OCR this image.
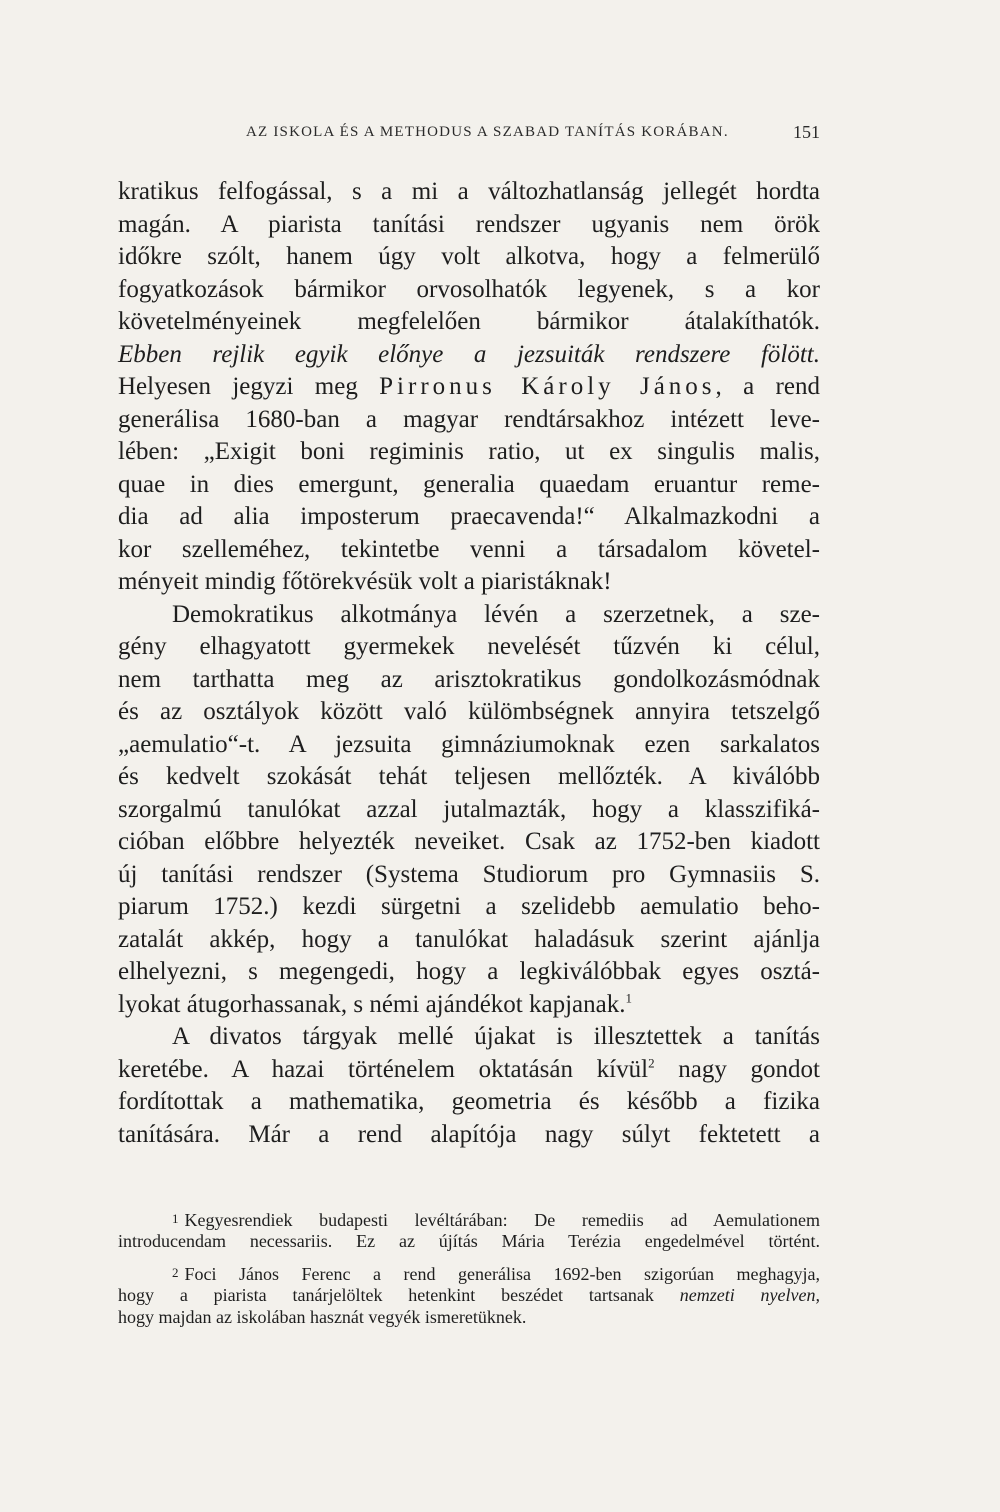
AZ ISKOLA ÉS A METHODUS A SZABAD TANÍTÁS KORÁBAN.	151
kratikus felfogással, s a mi a változhatlanság jellegét hordta
magán. A piarista tanítási rendszer ugyanis nem örök
időkre szólt, hanem úgy volt alkotva, hogy a felmerülő
fogyatkozások bármikor orvosolhatók legyenek, s a kor
követelményeinek megfelelően bármikor átalakíthatók.
Ebben rejlik egyik előnye a jezsuiták rendszere fölött.
Helyesen jegyzi meg Pirronus Károly János, a rend
generálisa 1680-ban a magyar rendtársakhoz intézett leve-
lében: „Exigit boni regiminis ratio, ut ex singulis malis,
quae in dies emergunt, generalia quaedam eruantur reme-
dia ad alia imposterum praecavenda!“ Alkalmazkodni a
kor szelleméhez, tekintetbe venni a társadalom követel-
ményeit mindig főtörekvésük volt a piaristáknak!
Demokratikus alkotmánya lévén a szerzetnek, a sze-
gény elhagyatott gyermekek nevelését tűzvén ki célul,
nem tarthatta meg az arisztokratikus gondolkozásmódnak
és az osztályok között való külömbségnek annyira tetszelgő
„aemulatio“-t. A jezsuita gimnáziumoknak ezen sarkalatos
és kedvelt szokását tehát teljesen mellőzték. A kiválóbb
szorgalmú tanulókat azzal jutalmazták, hogy a klasszifiká-
cióban előbbre helyezték neveiket. Csak az 1752-ben kiadott
új tanítási rendszer (Systema Studiorum pro Gymnasiis S.
piarum 1752.) kezdi sürgetni a szelidebb aemulatio beho-
zatalát akkép, hogy a tanulókat haladásuk szerint ajánlja
elhelyezni, s megengedi, hogy a legkiválóbbak egyes osztá-
lyokat átugorhassanak, s némi ajándékot kapjanak.$^1$
A divatos tárgyak mellé újakat is illesztettek a tanítás
keretébe. A hazai történelem oktatásán kívül$^2$ nagy gondot
fordítottak a mathematika, geometria és később a fizika
tanítására. Már a rend alapítója nagy súlyt fektetett a
1 Kegyesrendiek budapesti levéltárában: De remediis ad Aemulationem
introducendam necessariis. Ez az újítás Mária Terézia engedelmével történt.
2 Foci János Ferenc a rend generálisa 1692-ben szigorúan meghagyja,
hogy a piarista tanárjelöltek hetenkint beszédet tartsanak nemzeti nyelven,
hogy majdan az iskolában hasznát vegyék ismeretüknek.
